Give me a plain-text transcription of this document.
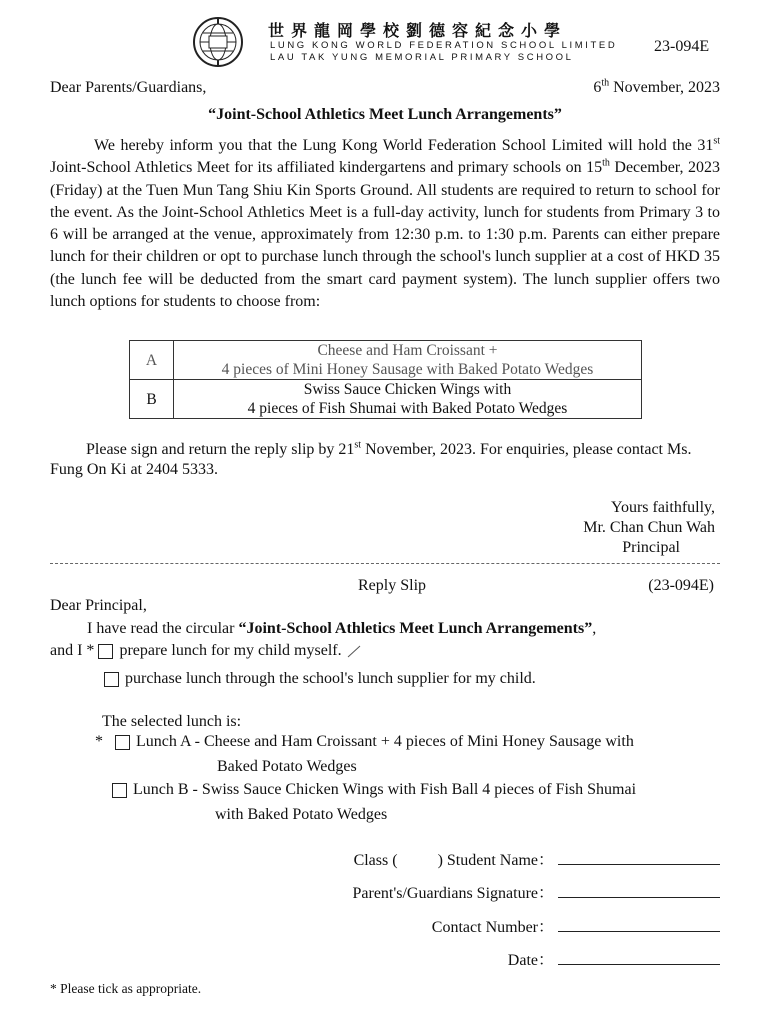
世界龍岡學校劉德容紀念小學
LUNG KONG WORLD FEDERATION SCHOOL LIMITED
LAU TAK YUNG MEMORIAL PRIMARY SCHOOL
23-094E
Dear Parents/Guardians,	6th November, 2023
“Joint-School Athletics Meet Lunch Arrangements”

We hereby inform you that the Lung Kong World Federation School Limited will hold the 31st Joint-School Athletics Meet for its affiliated kindergartens and primary schools on 15th December, 2023 (Friday) at the Tuen Mun Tang Shiu Kin Sports Ground. All students are required to return to school for the event. As the Joint-School Athletics Meet is a full-day activity, lunch for students from Primary 3 to 6 will be arranged at the venue, approximately from 12:30 p.m. to 1:30 p.m. Parents can either prepare lunch for their children or opt to purchase lunch through the school's lunch supplier at a cost of HKD 35 (the lunch fee will be deducted from the smart card payment system). The lunch supplier offers two lunch options for students to choose from:

A	Cheese and Ham Croissant +
4 pieces of Mini Honey Sausage with Baked Potato Wedges

B	Swiss Sauce Chicken Wings with
4 pieces of Fish Shumai with Baked Potato Wedges

Please sign and return the reply slip by 21st November, 2023. For enquiries, please contact Ms. Fung On Ki at 2404 5333.

Yours faithfully,
Mr. Chan Chun Wah
Principal
Reply Slip	(23-094E)
Dear Principal,
I have read the circular “Joint-School Athletics Meet Lunch Arrangements”,
and I *
prepare lunch for my child myself.
purchase lunch through the school's lunch supplier for my child.
The selected lunch is:
*
Lunch A - Cheese and Ham Croissant + 4 pieces of Mini Honey Sausage with
Baked Potato Wedges
Lunch B - Swiss Sauce Chicken Wings with Fish Ball 4 pieces of Fish Shumai
with Baked Potato Wedges
Class (	) Student Name：
Parent's/Guardians Signature：
Contact Number：
Date：
* Please tick as appropriate.
